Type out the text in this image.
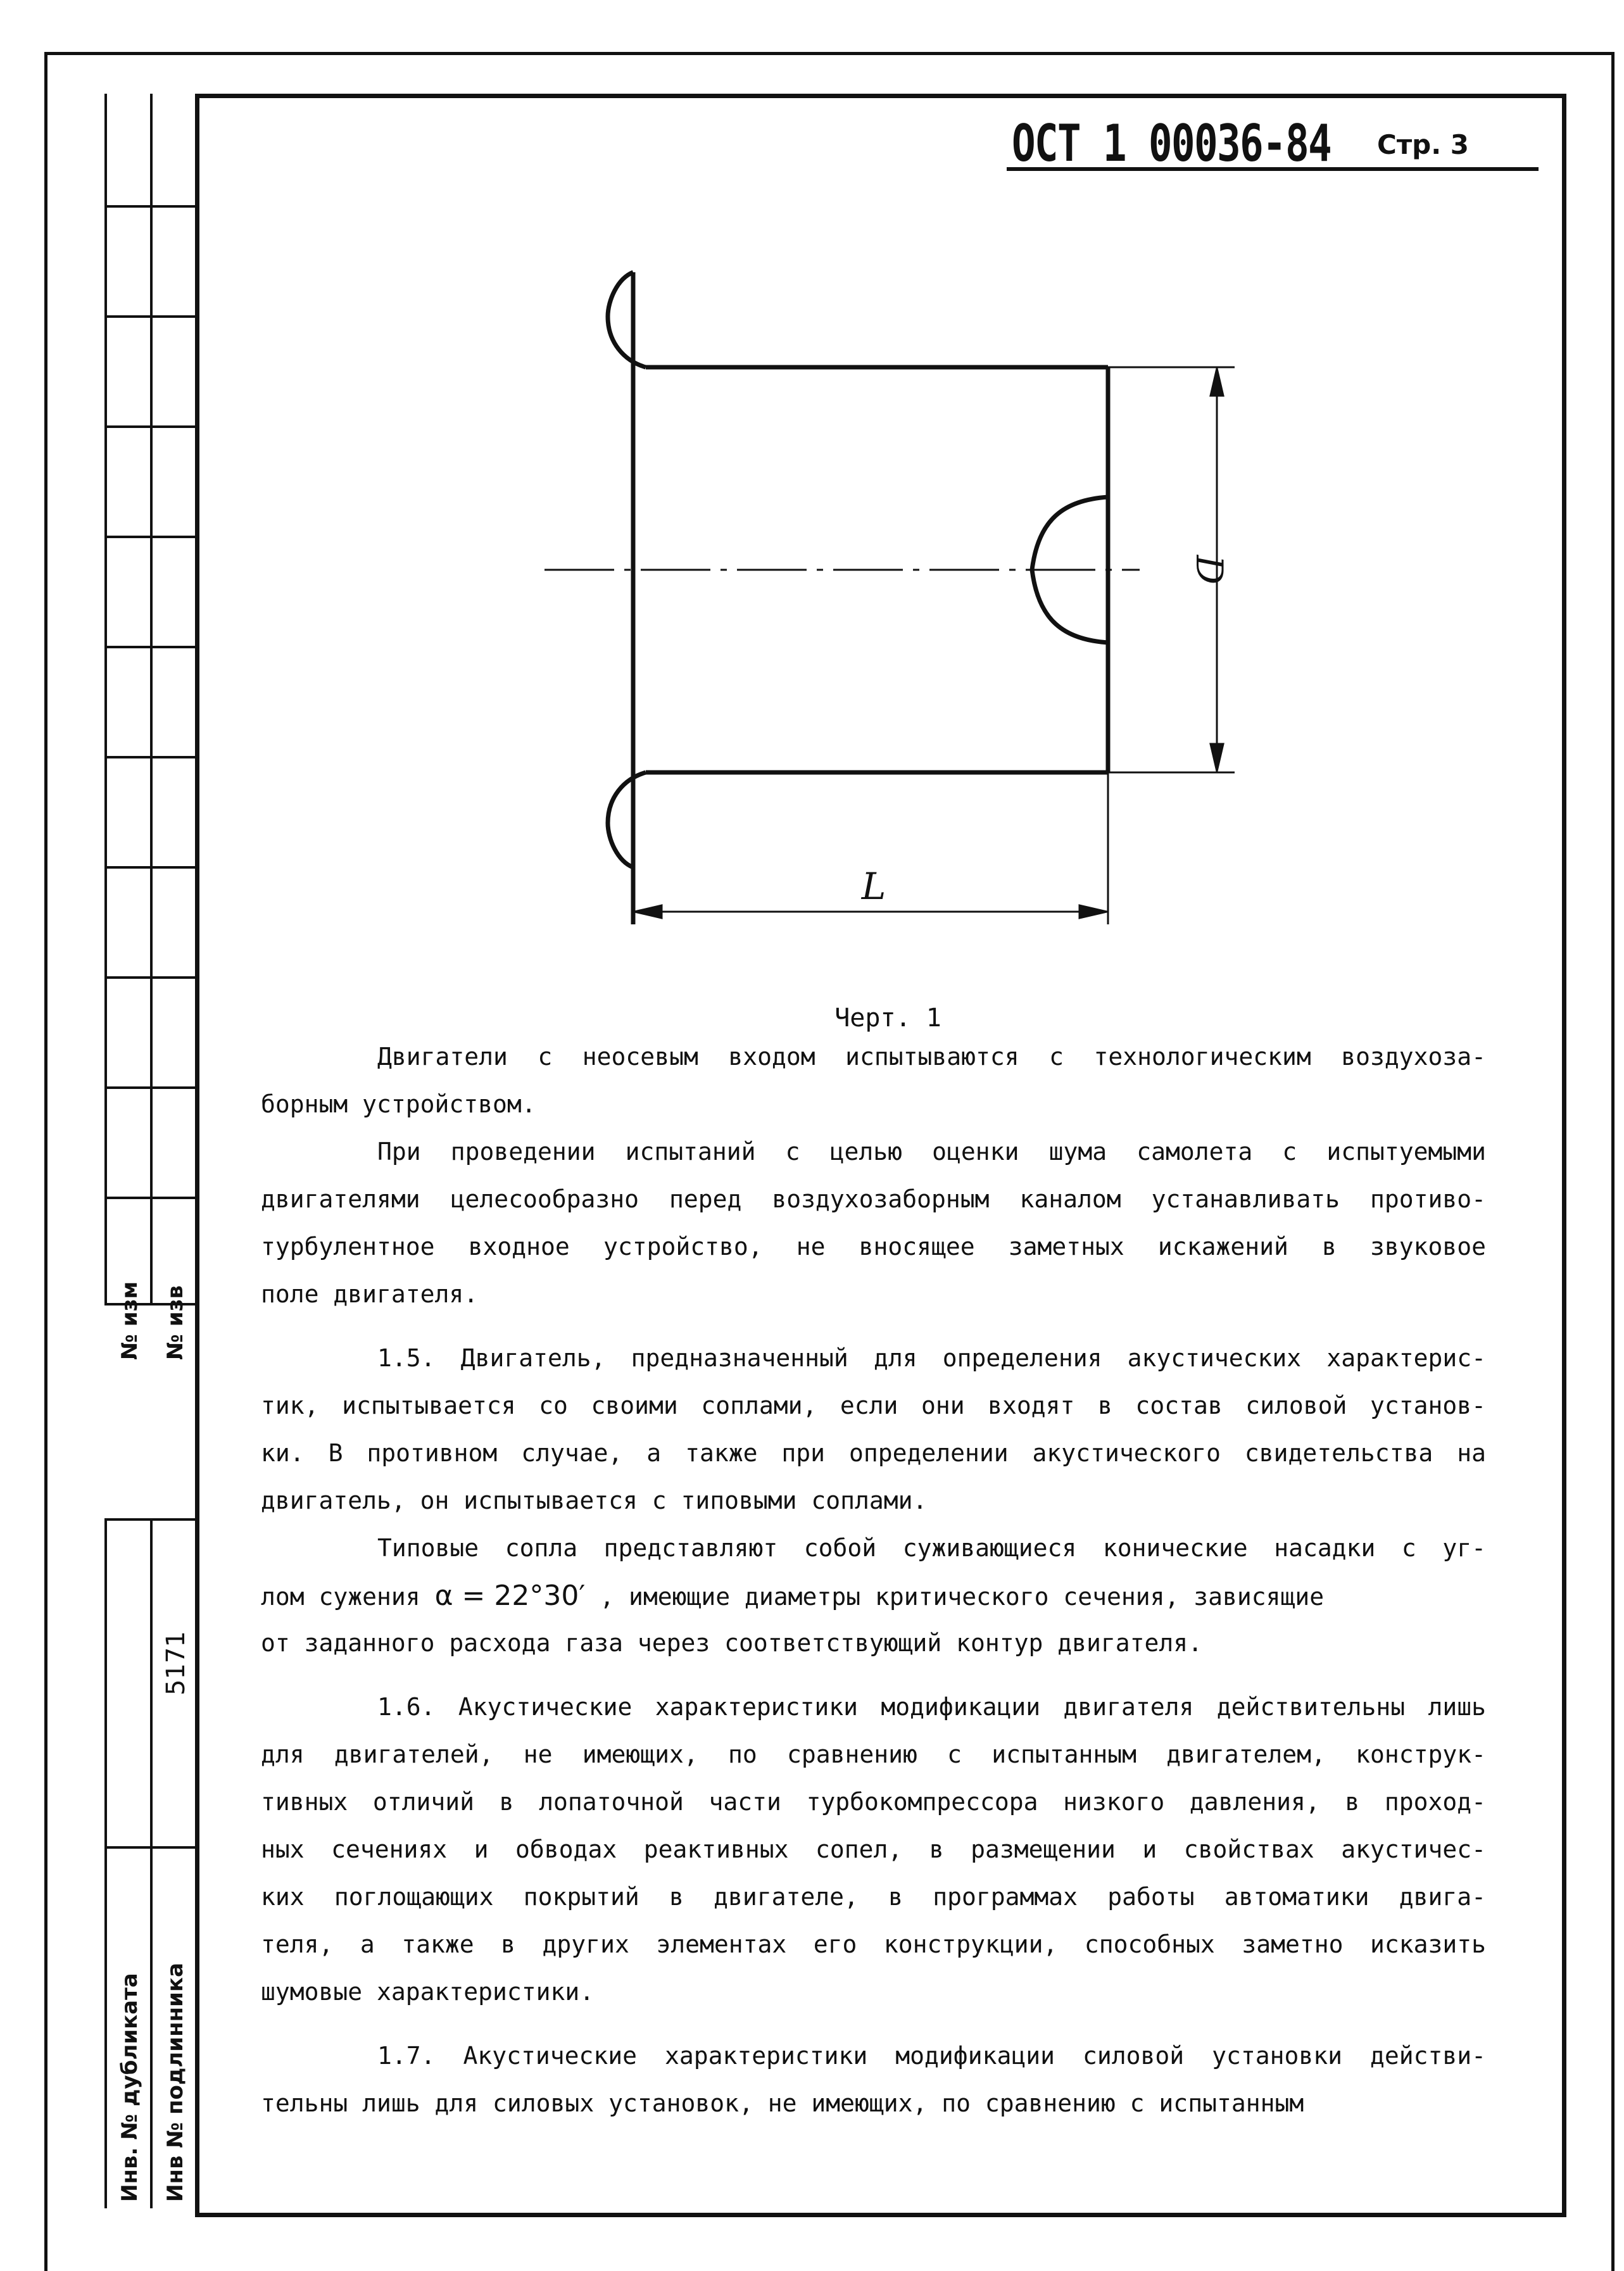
№ изм № изв
5171
Инв. № дубликата Инв № подлинника
ОСТ 1 00036-84 Стр. 3
D
L
Черт. 1
Двигатели с неосевым входом испытываются с технологическим воздухоза-
борным устройством.
При проведении испытаний с целью оценки шума самолета с испытуемыми
двигателями целесообразно перед воздухозаборным каналом устанавливать противо-
турбулентное входное устройство, не вносящее заметных искажений в звуковое
поле двигателя.
1.5. Двигатель, предназначенный для определения акустических характерис-
тик, испытывается со своими соплами, если они входят в состав силовой установ-
ки. В противном случае, а также при определении акустического свидетельства на
двигатель, он испытывается с типовыми соплами.
Типовые сопла представляют собой суживающиеся конические насадки с уг-
лом сужения α = 22°30′ , имеющие диаметры критического сечения, зависящие
от заданного расхода газа через соответствующий контур двигателя.
1.6. Акустические характеристики модификации двигателя действительны лишь
для двигателей, не имеющих, по сравнению с испытанным двигателем, конструк-
тивных отличий в лопаточной части турбокомпрессора низкого давления, в проход-
ных сечениях и обводах реактивных сопел, в размещении и свойствах акустичес-
ких поглощающих покрытий в двигателе, в программах работы автоматики двига-
теля, а также в других элементах его конструкции, способных заметно исказить
шумовые характеристики.
1.7. Акустические характеристики модификации силовой установки действи-
тельны лишь для силовых установок, не имеющих, по сравнению с испытанным
